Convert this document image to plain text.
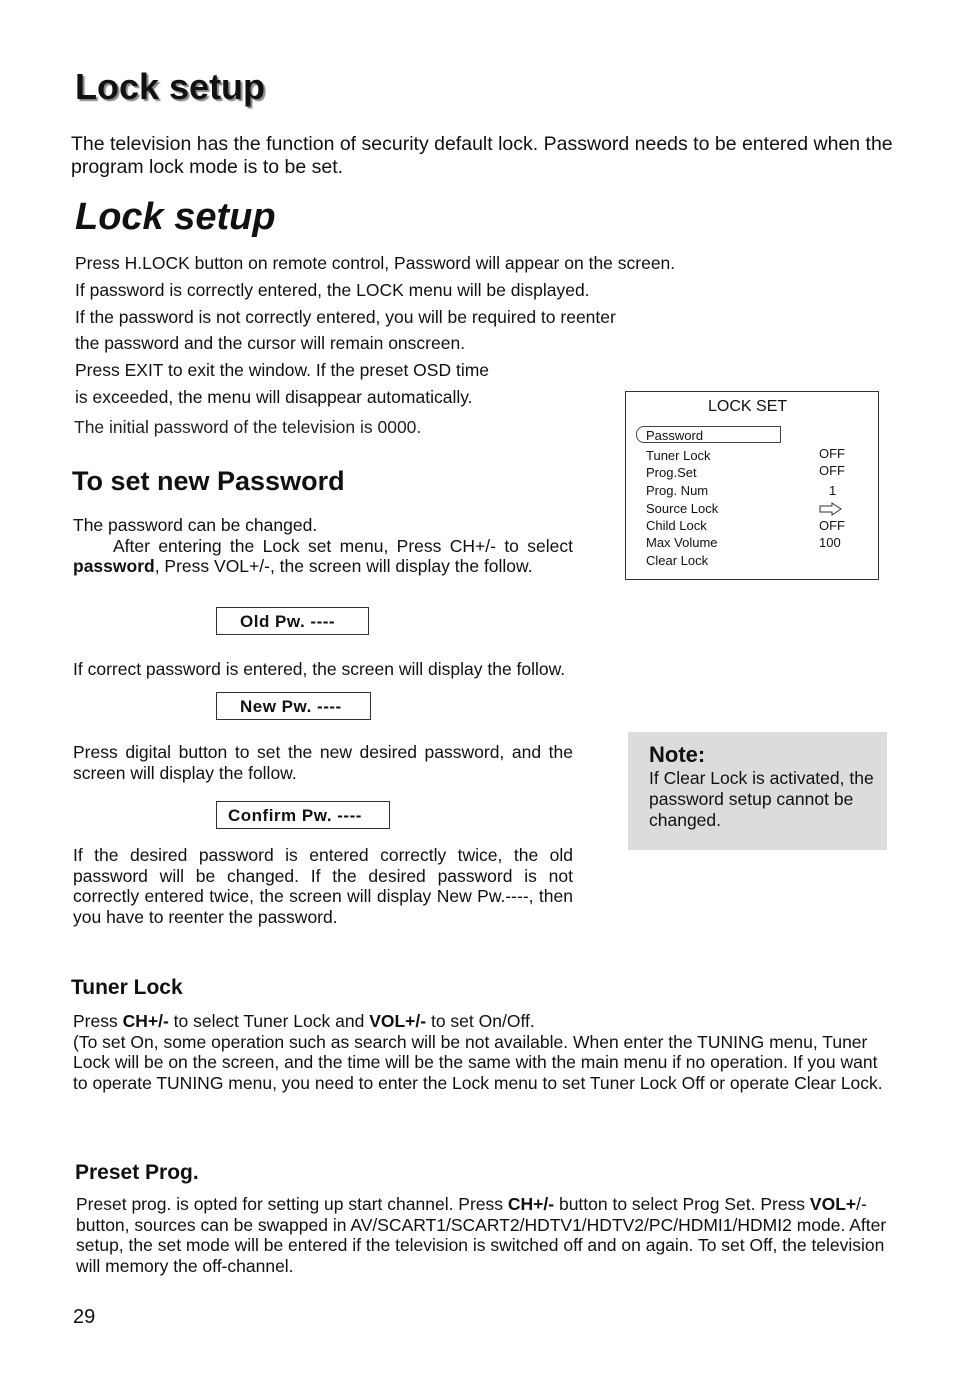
Lock setup

The television has the function of security default lock. Password needs to be entered when the program lock mode is to be set.

Lock setup
Press H.LOCK button on remote control, Password will appear on the screen.
If password is correctly entered, the LOCK menu will be displayed.
If the password is not correctly entered, you will be required to reenter
the password and the cursor will remain onscreen.
Press EXIT to exit the window. If the preset OSD time
is exceeded, the menu will disappear automatically.
The initial password of the television is 0000.
To set new Password

The password can be changed.
After entering the Lock set menu, Press CH+/- to select password, Press VOL+/-, the screen will display the follow.

Old Pw. ----

If correct password is entered, the screen will display the follow.

New Pw. ----

Press digital button to set the new desired password, and the screen will display the follow.

Confirm Pw. ----

If the desired password is entered correctly twice, the old password will be changed. If the desired password is not correctly entered twice, the screen will display New Pw.----, then you have to reenter the password.

LOCK SET
Password
Tuner Lock
Prog.Set
Prog. Num
Source Lock
Child Lock
Max Volume
Clear Lock
OFF
OFF
1
OFF
100
Note:
If Clear Lock is activated, the password setup cannot be changed.
Tuner Lock

Press CH+/- to select Tuner Lock and VOL+/- to set On/Off.
(To set On, some operation such as search will be not available. When enter the TUNING menu, Tuner Lock will be on the screen, and the time will be the same with the main menu if no operation. If you want to operate TUNING menu, you need to enter the Lock menu to set Tuner Lock Off or operate Clear Lock.

Preset Prog.

Preset prog. is opted for setting up start channel. Press CH+/- button to select Prog Set. Press VOL+/- button, sources can be swapped in AV/SCART1/SCART2/HDTV1/HDTV2/PC/HDMI1/HDMI2 mode. After setup, the set mode will be entered if the television is switched off and on again. To set Off, the television will memory the off-channel.

29
